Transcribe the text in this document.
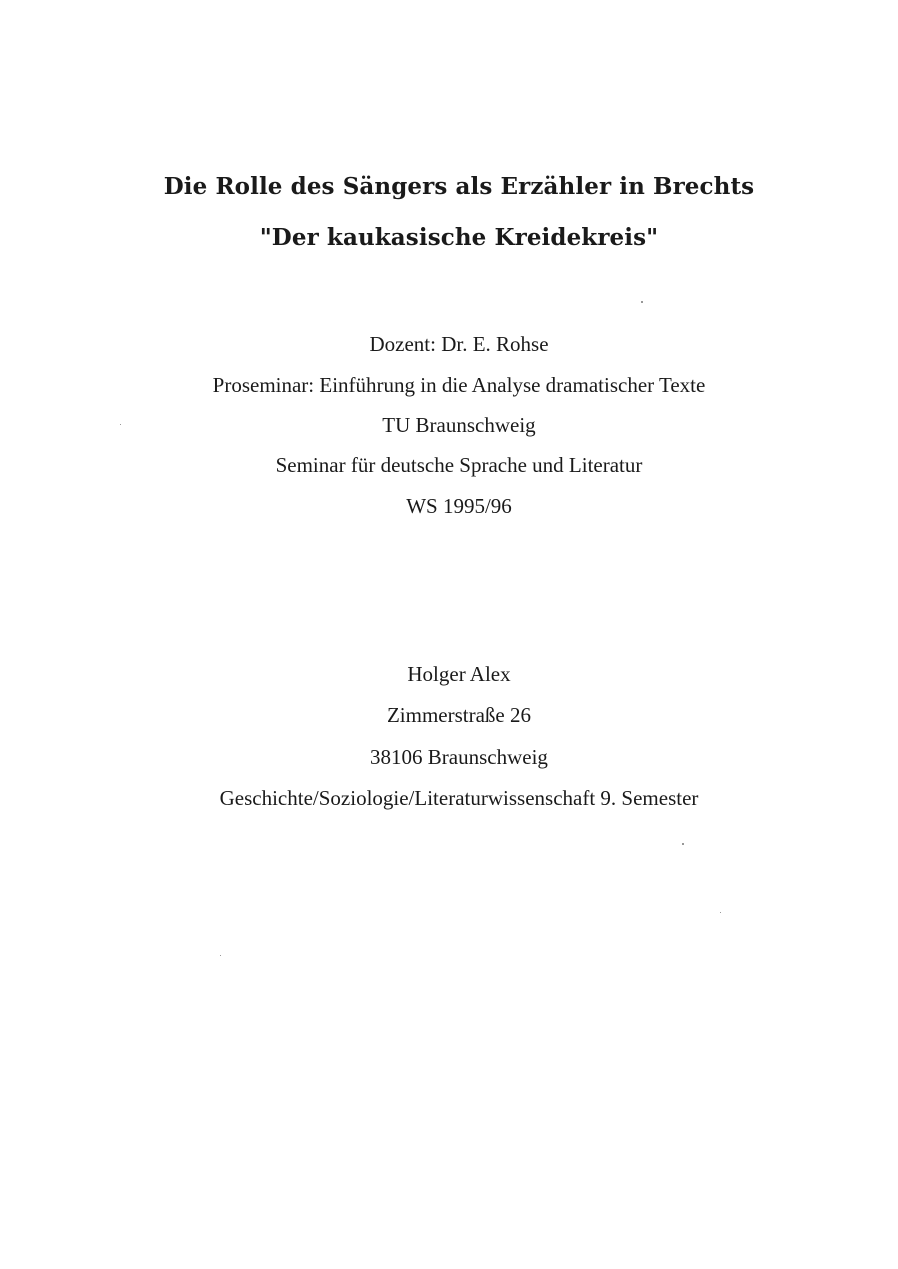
Die Rolle des Sängers als Erzähler in Brechts
"Der kaukasische Kreidekreis"
Dozent: Dr. E. Rohse
Proseminar: Einführung in die Analyse dramatischer Texte
TU Braunschweig
Seminar für deutsche Sprache und Literatur
WS 1995/96
Holger Alex
Zimmerstraße 26
38106 Braunschweig
Geschichte/Soziologie/Literaturwissenschaft 9. Semester
